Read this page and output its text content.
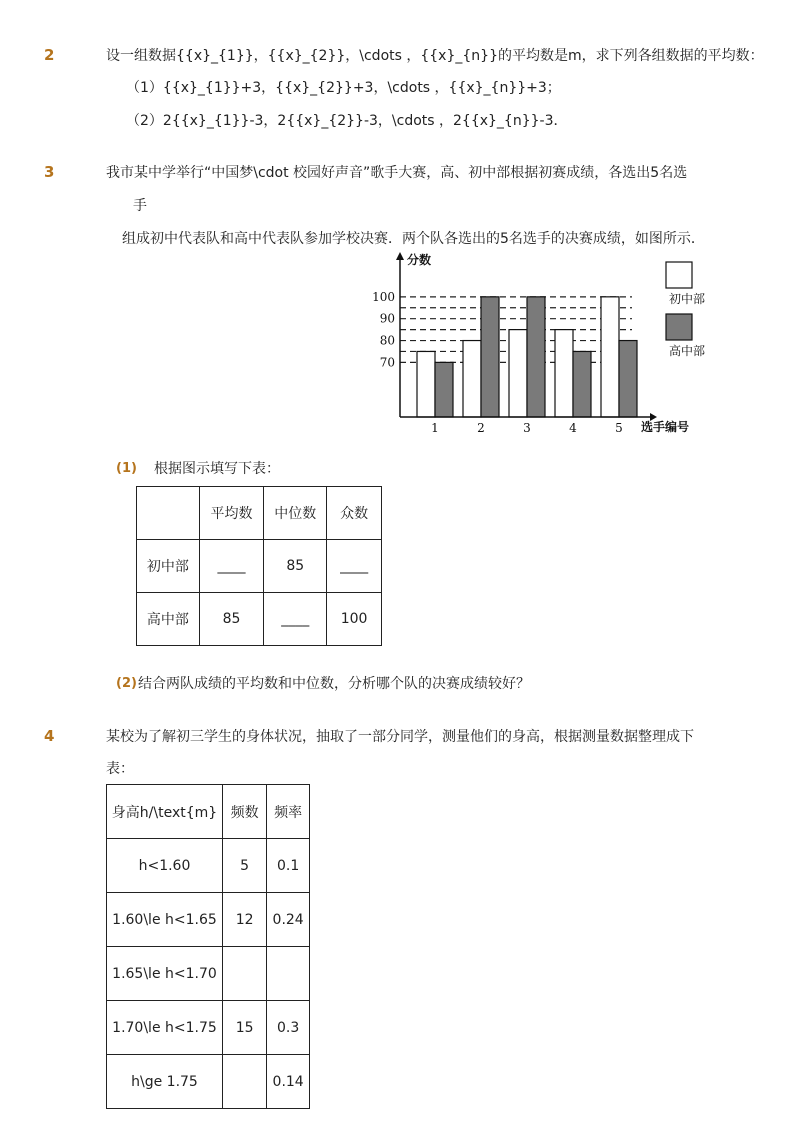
2	设一组数据{{x}_{1}}，{{x}_{2}}，\cdots ，{{x}_{n}}的平均数是m，求下列各组数据的平均数：
（1）{{x}_{1}}+3，{{x}_{2}}+3，\cdots ，{{x}_{n}}+3；
（2）2{{x}_{1}}-3，2{{x}_{2}}-3，\cdots ，2{{x}_{n}}-3．
3	我市某中学举行“中国梦\cdot 校园好声音”歌手大赛，高、初中部根据初赛成绩，各选出5名选
手
组成初中代表队和高中代表队参加学校决赛．两个队各选出的5名选手的决赛成绩，如图所示．
分数
选手编号
70
80
90
100
1	2	3	4	5
初中部
高中部
(1) 根据图示填写下表：
	平均数	中位数	众数
初中部	____	85	____
高中部	85	____	100
(2) 结合两队成绩的平均数和中位数，分析哪个队的决赛成绩较好？
4	某校为了解初三学生的身体状况，抽取了一部分同学，测量他们的身高，根据测量数据整理成下
表：
身高h/\text{m}	频数	频率
h<1.60	5	0.1
1.60\le h<1.65	12	0.24
1.65\le h<1.70		
1.70\le h<1.75	15	0.3
h\ge 1.75		0.14
